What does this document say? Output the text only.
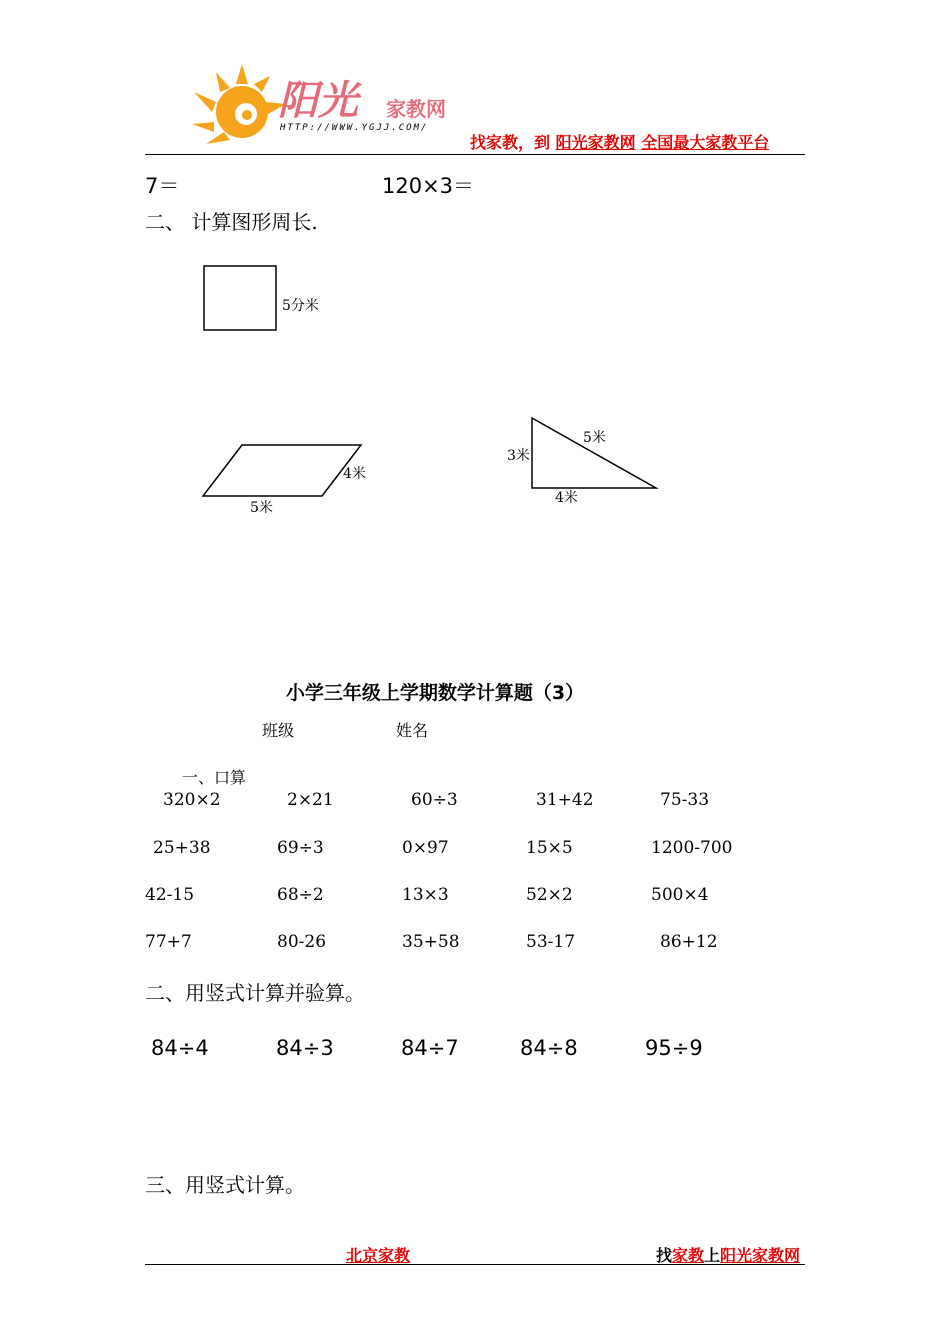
阳光 家教网
HTTP://WWW.YGJJ.COM/
找家教，到 阳光家教网 全国最大家教平台
7＝	120×3＝
二、 计算图形周长.
5分米
4米
5米
5米
3米
4米
小学三年级上学期数学计算题（3）
班级	姓名
一、口算
320×2	2×21	60÷3	31+42	75-33
25+38	69÷3	0×97	15×5	1200-700
42-15	68÷2	13×3	52×2	500×4
77+7	80-26	35+58	53-17	86+12
二、用竖式计算并验算。
84÷4	84÷3	84÷7	84÷8	95÷9
三、用竖式计算。
北京家教	找家教上阳光家教网
